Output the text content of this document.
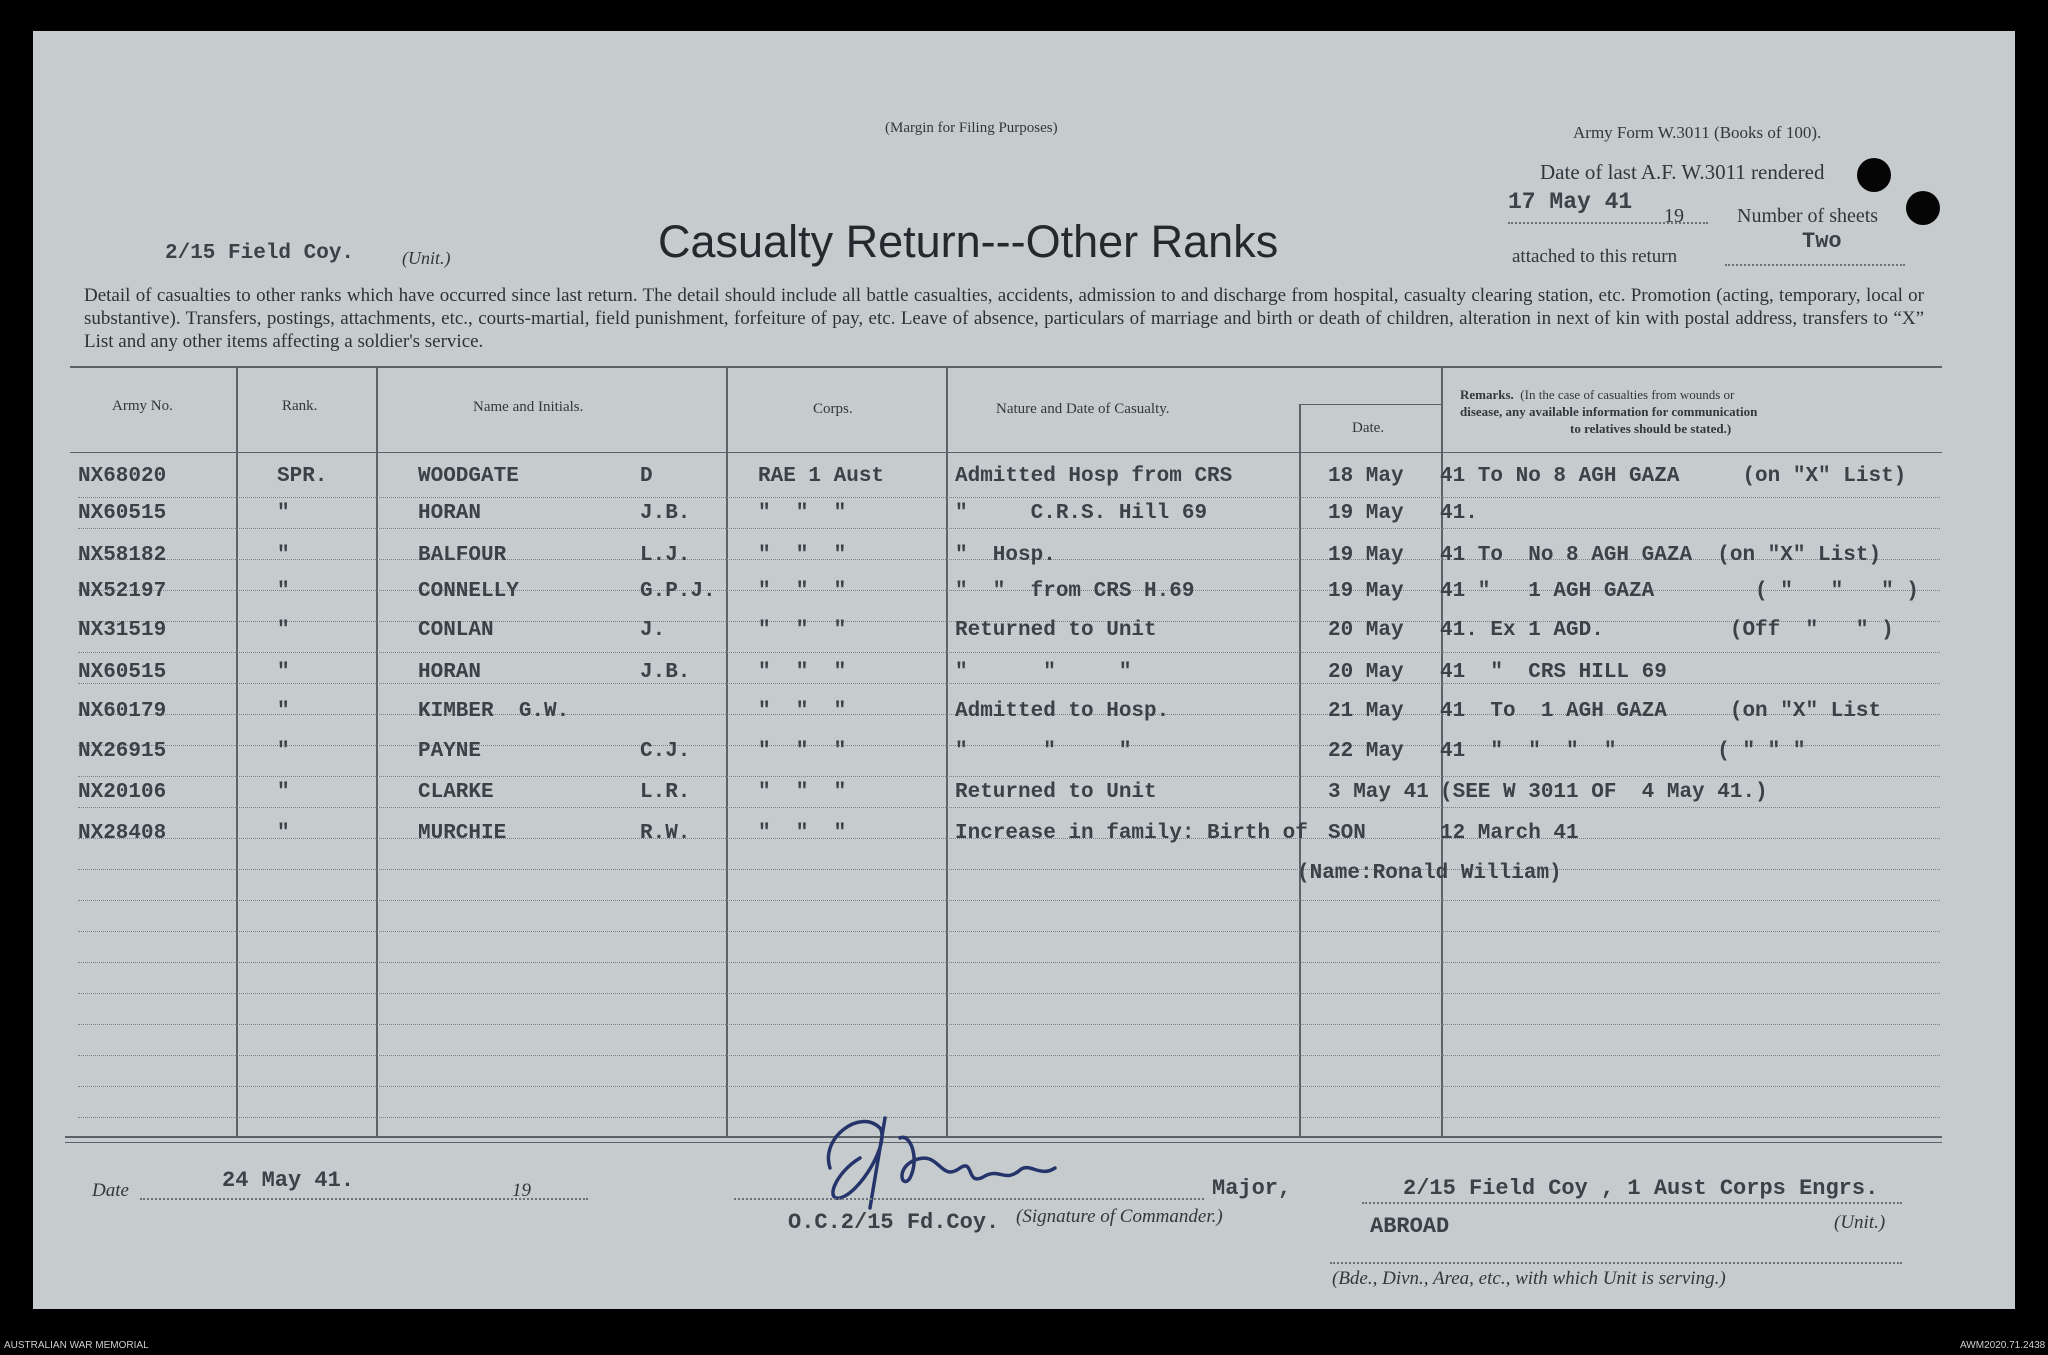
(Margin for Filing Purposes)	Army Form W.3011 (Books of 100).
Date of last A.F. W.3011 rendered
17 May 41
19	Number of sheets
attached to this return
Two
2/15 Field Coy.	(Unit.)	Casualty Return---Other Ranks
Detail of casualties to other ranks which have occurred since last return. The detail should include all battle casualties, accidents, admission to and discharge from hospital, casualty clearing station, etc. Promotion (acting, temporary, local or substantive). Transfers, postings, attachments, etc., courts-martial, field punishment, forfeiture of pay, etc. Leave of absence, particulars of marriage and birth or death of children, alteration in next of kin with postal address, transfers to “X” List and any other items affecting a soldier's service.
Army No.	Rank.	Name and Initials.	Corps.	Nature and Date of Casualty.
Date.
Remarks. (In the case of casualties from wounds or
disease, any available information for communication
to relatives should be stated.)
NX68020	SPR.	WOODGATE	D	RAE 1 Aust	Admitted Hosp from CRS	18 May 41 To No 8 AGH GAZA     (on "X" List)
NX60515	"	HORAN	J.B.	"  "  "	"     C.R.S. Hill 69	19 May 41.
NX58182	"	BALFOUR	L.J.	"  "  "	"  Hosp.	19 May 41 To  No 8 AGH GAZA  (on "X" List)
NX52197	"	CONNELLY	G.P.J. "  "  "	"  "  from CRS H.69	19 May 41 "   1 AGH GAZA        ( "   "   " )
NX31519	"	CONLAN	J.	"  "  "	Returned to Unit	20 May 41. Ex 1 AGD.          (Off  "   " )
NX60515	"	HORAN	J.B.	"  "  "	"      "     "	20 May 41  "  CRS HILL 69
NX60179	"	KIMBER  G.W.	"  "  "	Admitted to Hosp.	21 May 41  To  1 AGH GAZA     (on "X" List
NX26915	"	PAYNE	C.J.	"  "  "	"      "     "	22 May 41  "  "  "  "        ( " " "
NX20106	"	CLARKE	L.R.	"  "  "	Returned to Unit	3 May 41 (SEE W 3011 OF  4 May 41.)
NX28408	"	MURCHIE	R.W.	"  "  "	Increase in family: Birth of SON	12 March 41
(Name:Ronald William)
Date	24 May 41.	19	Major,
O.C.2/15 Fd.Coy. (Signature of Commander.)
2/15 Field Coy , 1 Aust Corps Engrs.
ABROAD	(Unit.)
(Bde., Divn., Area, etc., with which Unit is serving.)
AUSTRALIAN WAR MEMORIAL	AWM2020.71.2438
